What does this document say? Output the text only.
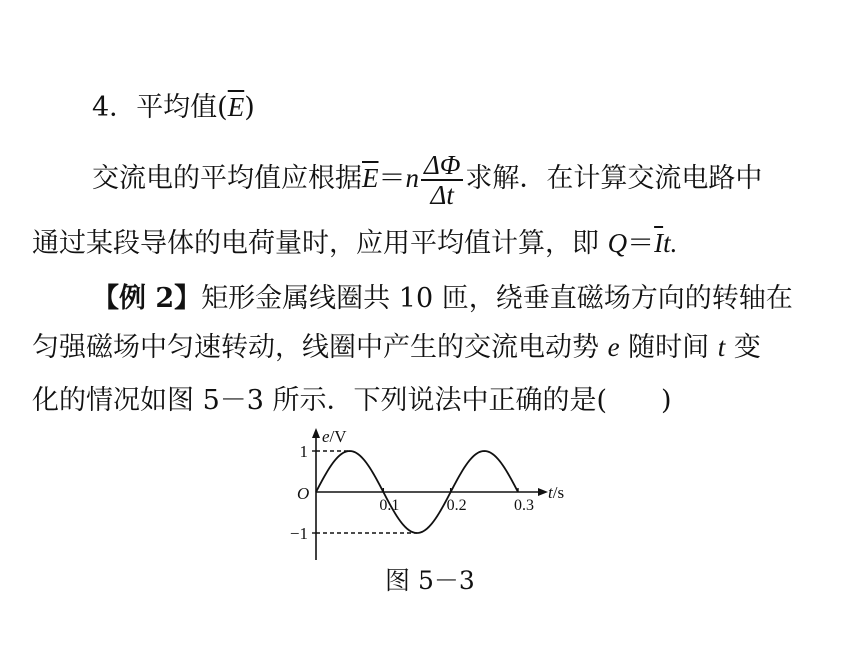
4．平均值$(\overline{E})$
交流电的平均值应根据$\overline{E}=n \frac{\Delta\Phi}{\Delta t}$ 求解．在计算交流电路中
通过某段导体的电荷量时，应用平均值计算，即 $Q=\overline{I}t$.
【例 2】矩形金属线圈共 10 匝，绕垂直磁场方向的转轴在
匀强磁场中匀速转动，线圈中产生的交流电动势 e 随时间 t 变
化的情况如图 5－3 所示．下列说法中正确的是(　　)
1
−1
0.1	0.2	0.3
e/V
t/s
O
图 5－3
